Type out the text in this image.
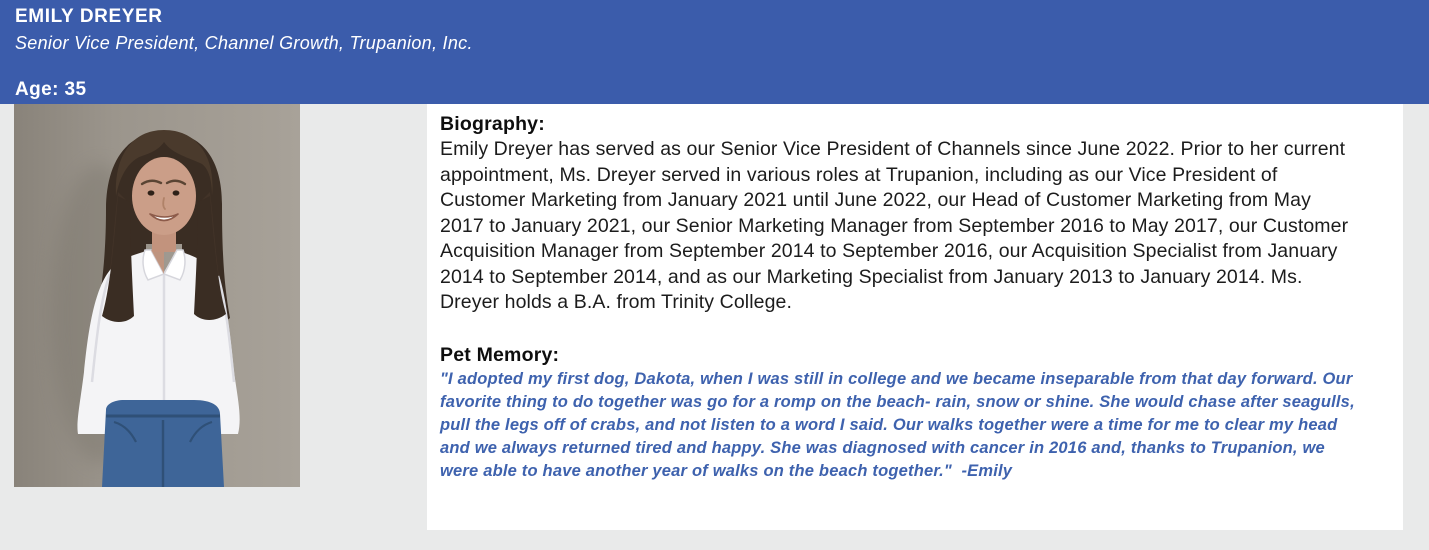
EMILY DREYER
Senior Vice President, Channel Growth, Trupanion, Inc.
Age: 35
Biography:
Emily Dreyer has served as our Senior Vice President of Channels since June 2022. Prior to her current appointment, Ms. Dreyer served in various roles at Trupanion, including as our Vice President of Customer Marketing from January 2021 until June 2022, our Head of Customer Marketing from May 2017 to January 2021, our Senior Marketing Manager from September 2016 to May 2017, our Customer Acquisition Manager from September 2014 to September 2016, our Acquisition Specialist from January 2014 to September 2014, and as our Marketing Specialist from January 2013 to January 2014. Ms. Dreyer holds a B.A. from Trinity College.
Pet Memory:
"I adopted my first dog, Dakota, when I was still in college and we became inseparable from that day forward. Our favorite thing to do together was go for a romp on the beach- rain, snow or shine. She would chase after seagulls, pull the legs off of crabs, and not listen to a word I said. Our walks together were a time for me to clear my head and we always returned tired and happy. She was diagnosed with cancer in 2016 and, thanks to Trupanion, we were able to have another year of walks on the beach together."  -Emily
